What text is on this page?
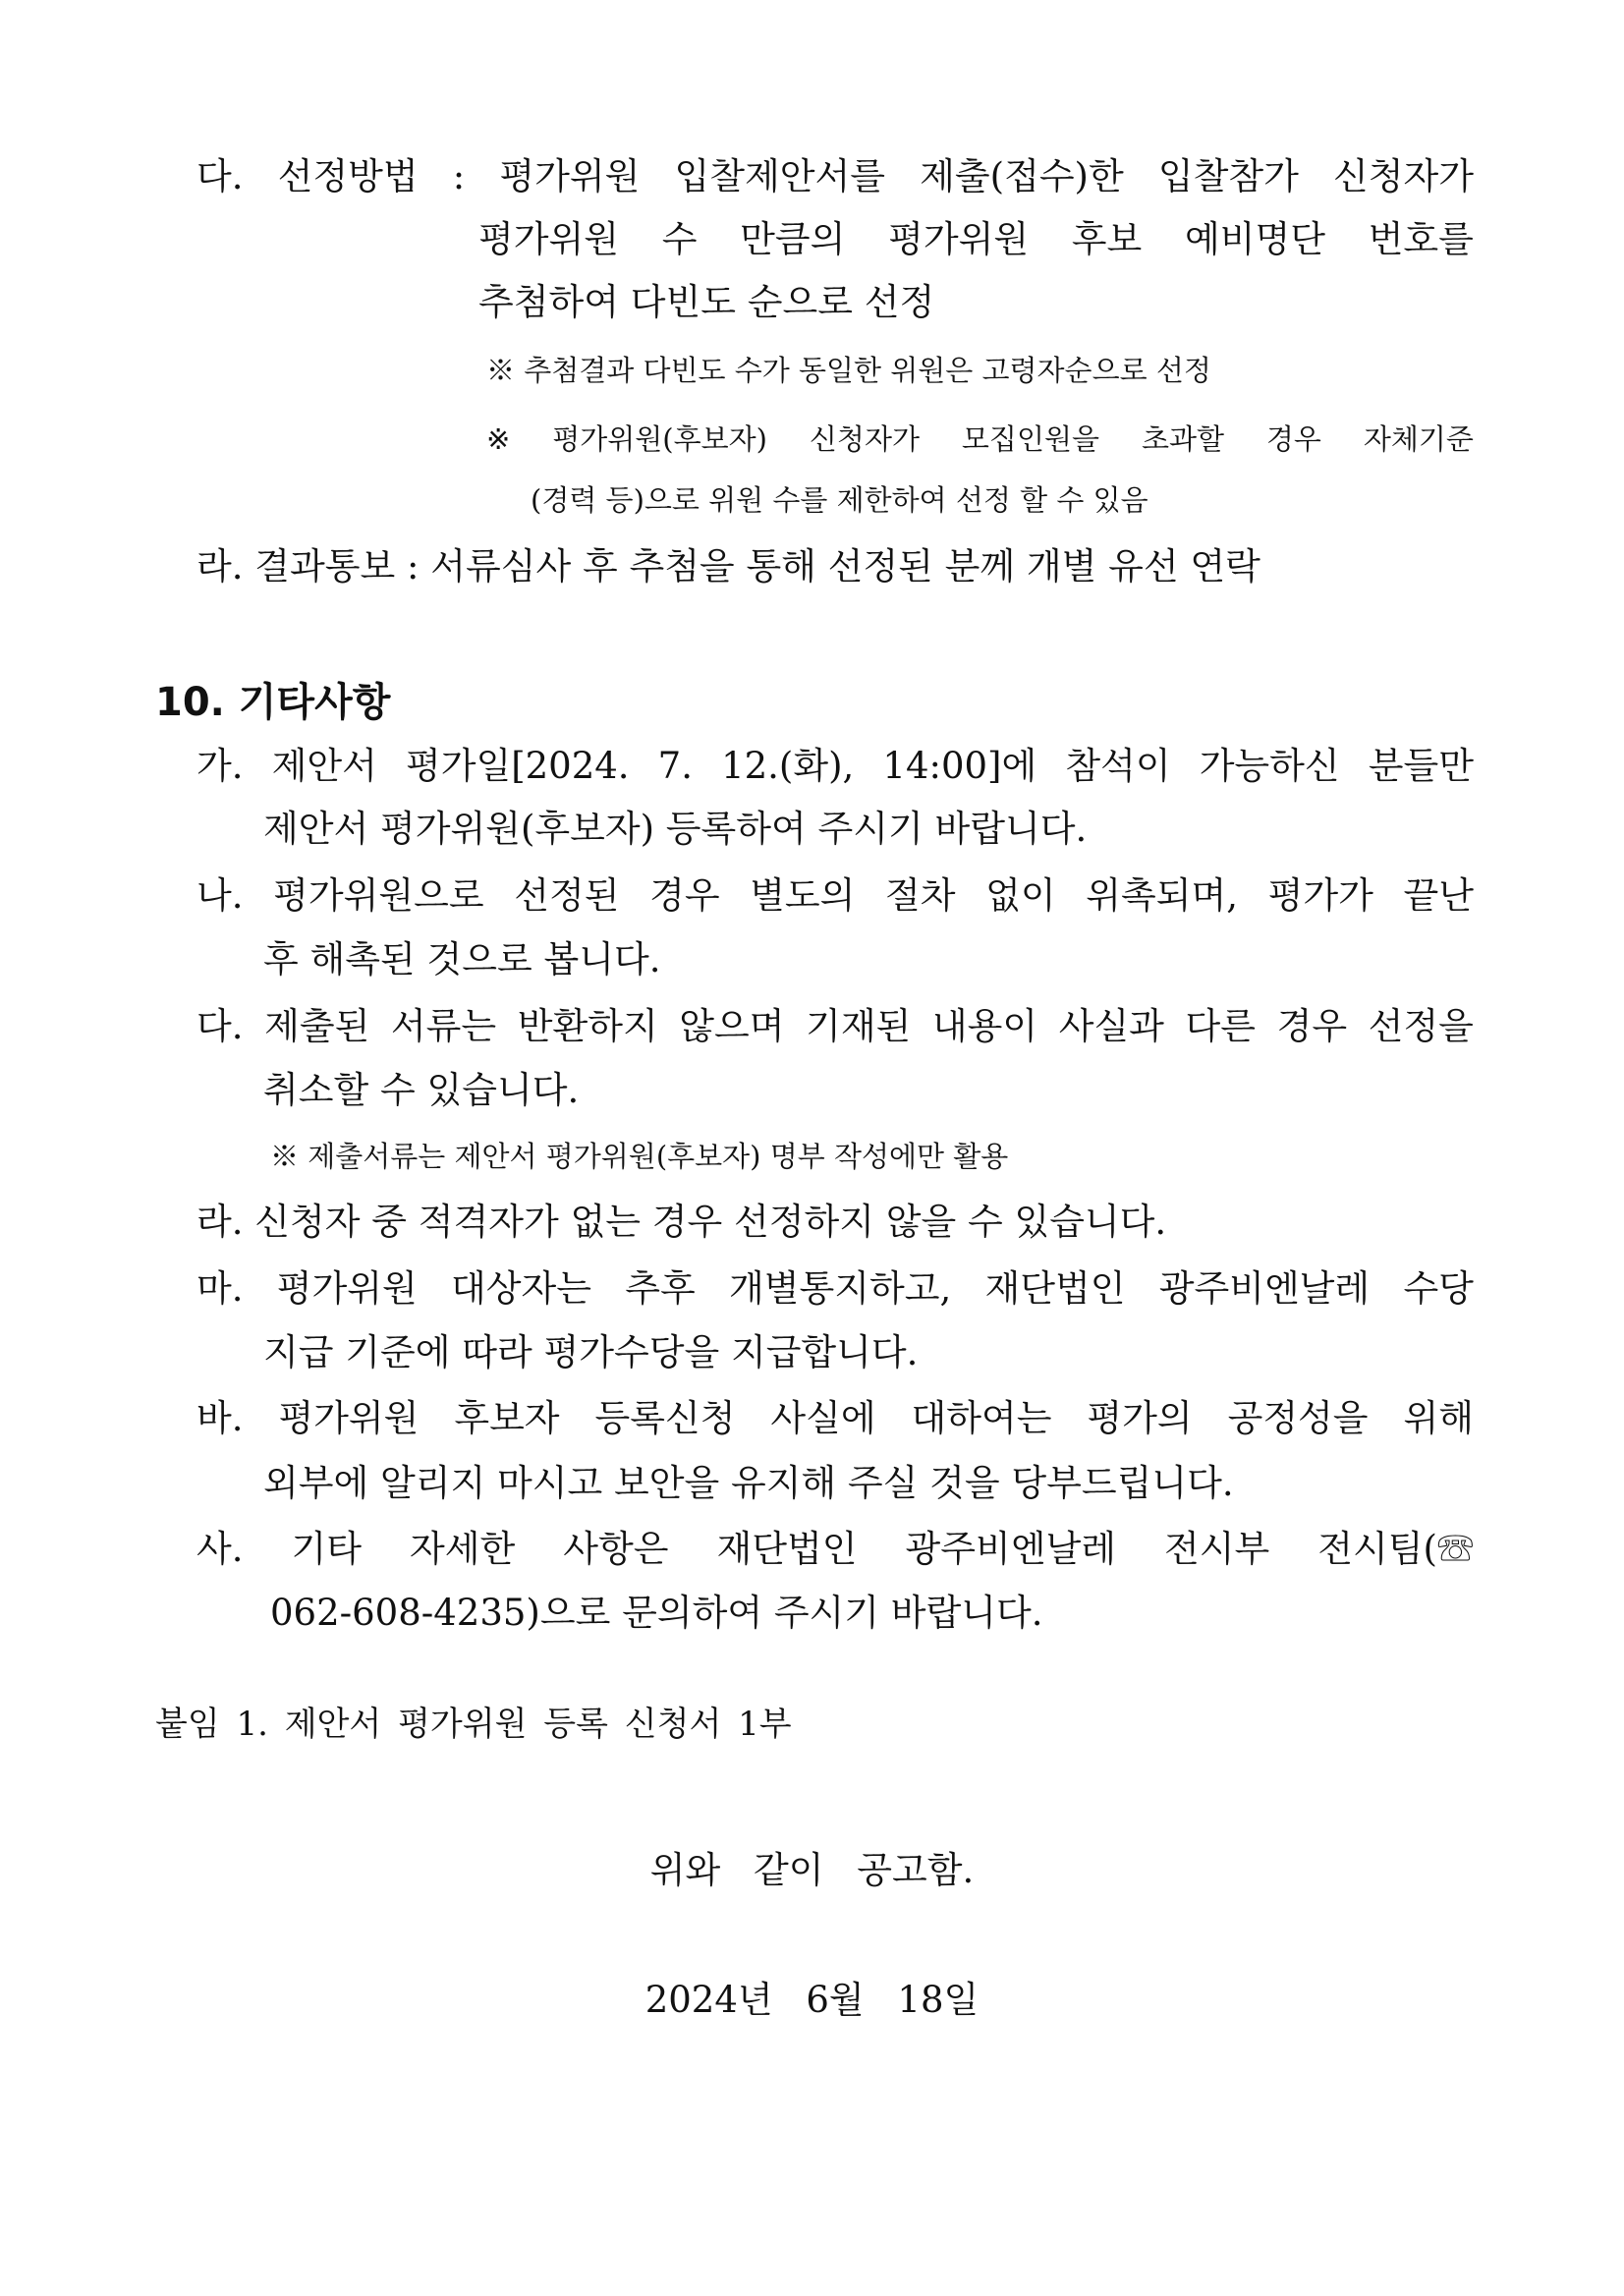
다. 선정방법 : 평가위원 입찰제안서를 제출(접수)한 입찰참가 신청자가
평가위원 수 만큼의 평가위원 후보 예비명단 번호를
추첨하여 다빈도 순으로 선정
※ 추첨결과 다빈도 수가 동일한 위원은 고령자순으로 선정
※ 평가위원(후보자) 신청자가 모집인원을 초과할 경우 자체기준
(경력 등)으로 위원 수를 제한하여 선정 할 수 있음
라. 결과통보 : 서류심사 후 추첨을 통해 선정된 분께 개별 유선 연락
10. 기타사항
가. 제안서 평가일[2024. 7. 12.(화), 14:00]에 참석이 가능하신 분들만
제안서 평가위원(후보자) 등록하여 주시기 바랍니다.
나. 평가위원으로 선정된 경우 별도의 절차 없이 위촉되며, 평가가 끝난
후 해촉된 것으로 봅니다.
다. 제출된 서류는 반환하지 않으며 기재된 내용이 사실과 다른 경우 선정을
취소할 수 있습니다.
※ 제출서류는 제안서 평가위원(후보자) 명부 작성에만 활용
라. 신청자 중 적격자가 없는 경우 선정하지 않을 수 있습니다.
마. 평가위원 대상자는 추후 개별통지하고, 재단법인 광주비엔날레 수당
지급 기준에 따라 평가수당을 지급합니다.
바. 평가위원 후보자 등록신청 사실에 대하여는 평가의 공정성을 위해
외부에 알리지 마시고 보안을 유지해 주실 것을 당부드립니다.
사. 기타 자세한 사항은 재단법인 광주비엔날레 전시부 전시팀(☏
062-608-4235)으로 문의하여 주시기 바랍니다.
붙임 1. 제안서 평가위원 등록 신청서 1부
위와 같이 공고함.
2024년 6월 18일
